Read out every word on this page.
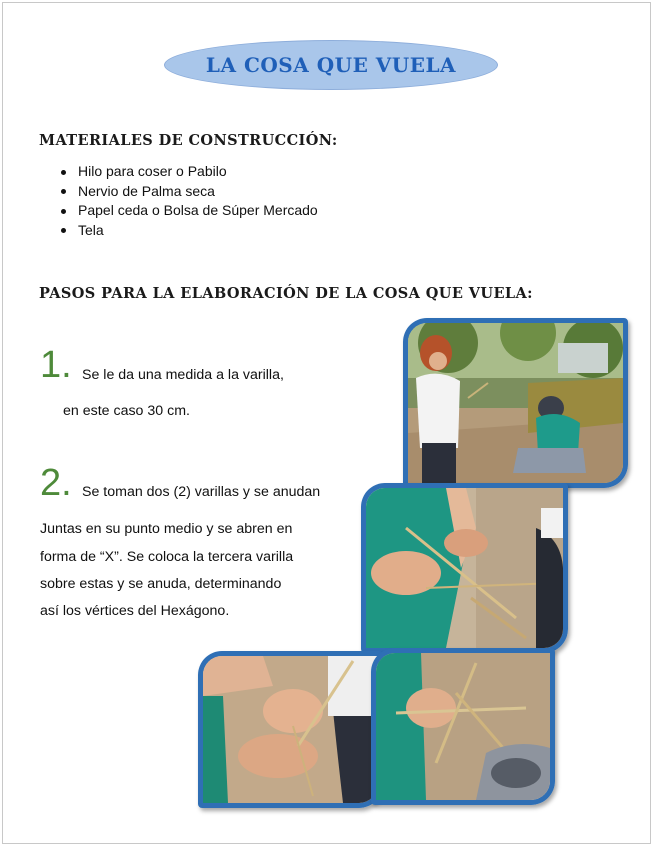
LA COSA QUE VUELA
MATERIALES DE CONSTRUCCIÓN:
Hilo para coser o Pabilo
Nervio de Palma seca
Papel ceda o Bolsa de Súper Mercado
Tela
PASOS PARA LA ELABORACIÓN DE LA COSA QUE VUELA:
1. Se le da una medida a la varilla,
en este caso 30 cm.
2. Se toman dos (2) varillas y se anudan
Juntas en su punto medio y se abren en
forma de “X”. Se coloca la tercera varilla
sobre estas y se anuda, determinando
así los vértices del Hexágono.
